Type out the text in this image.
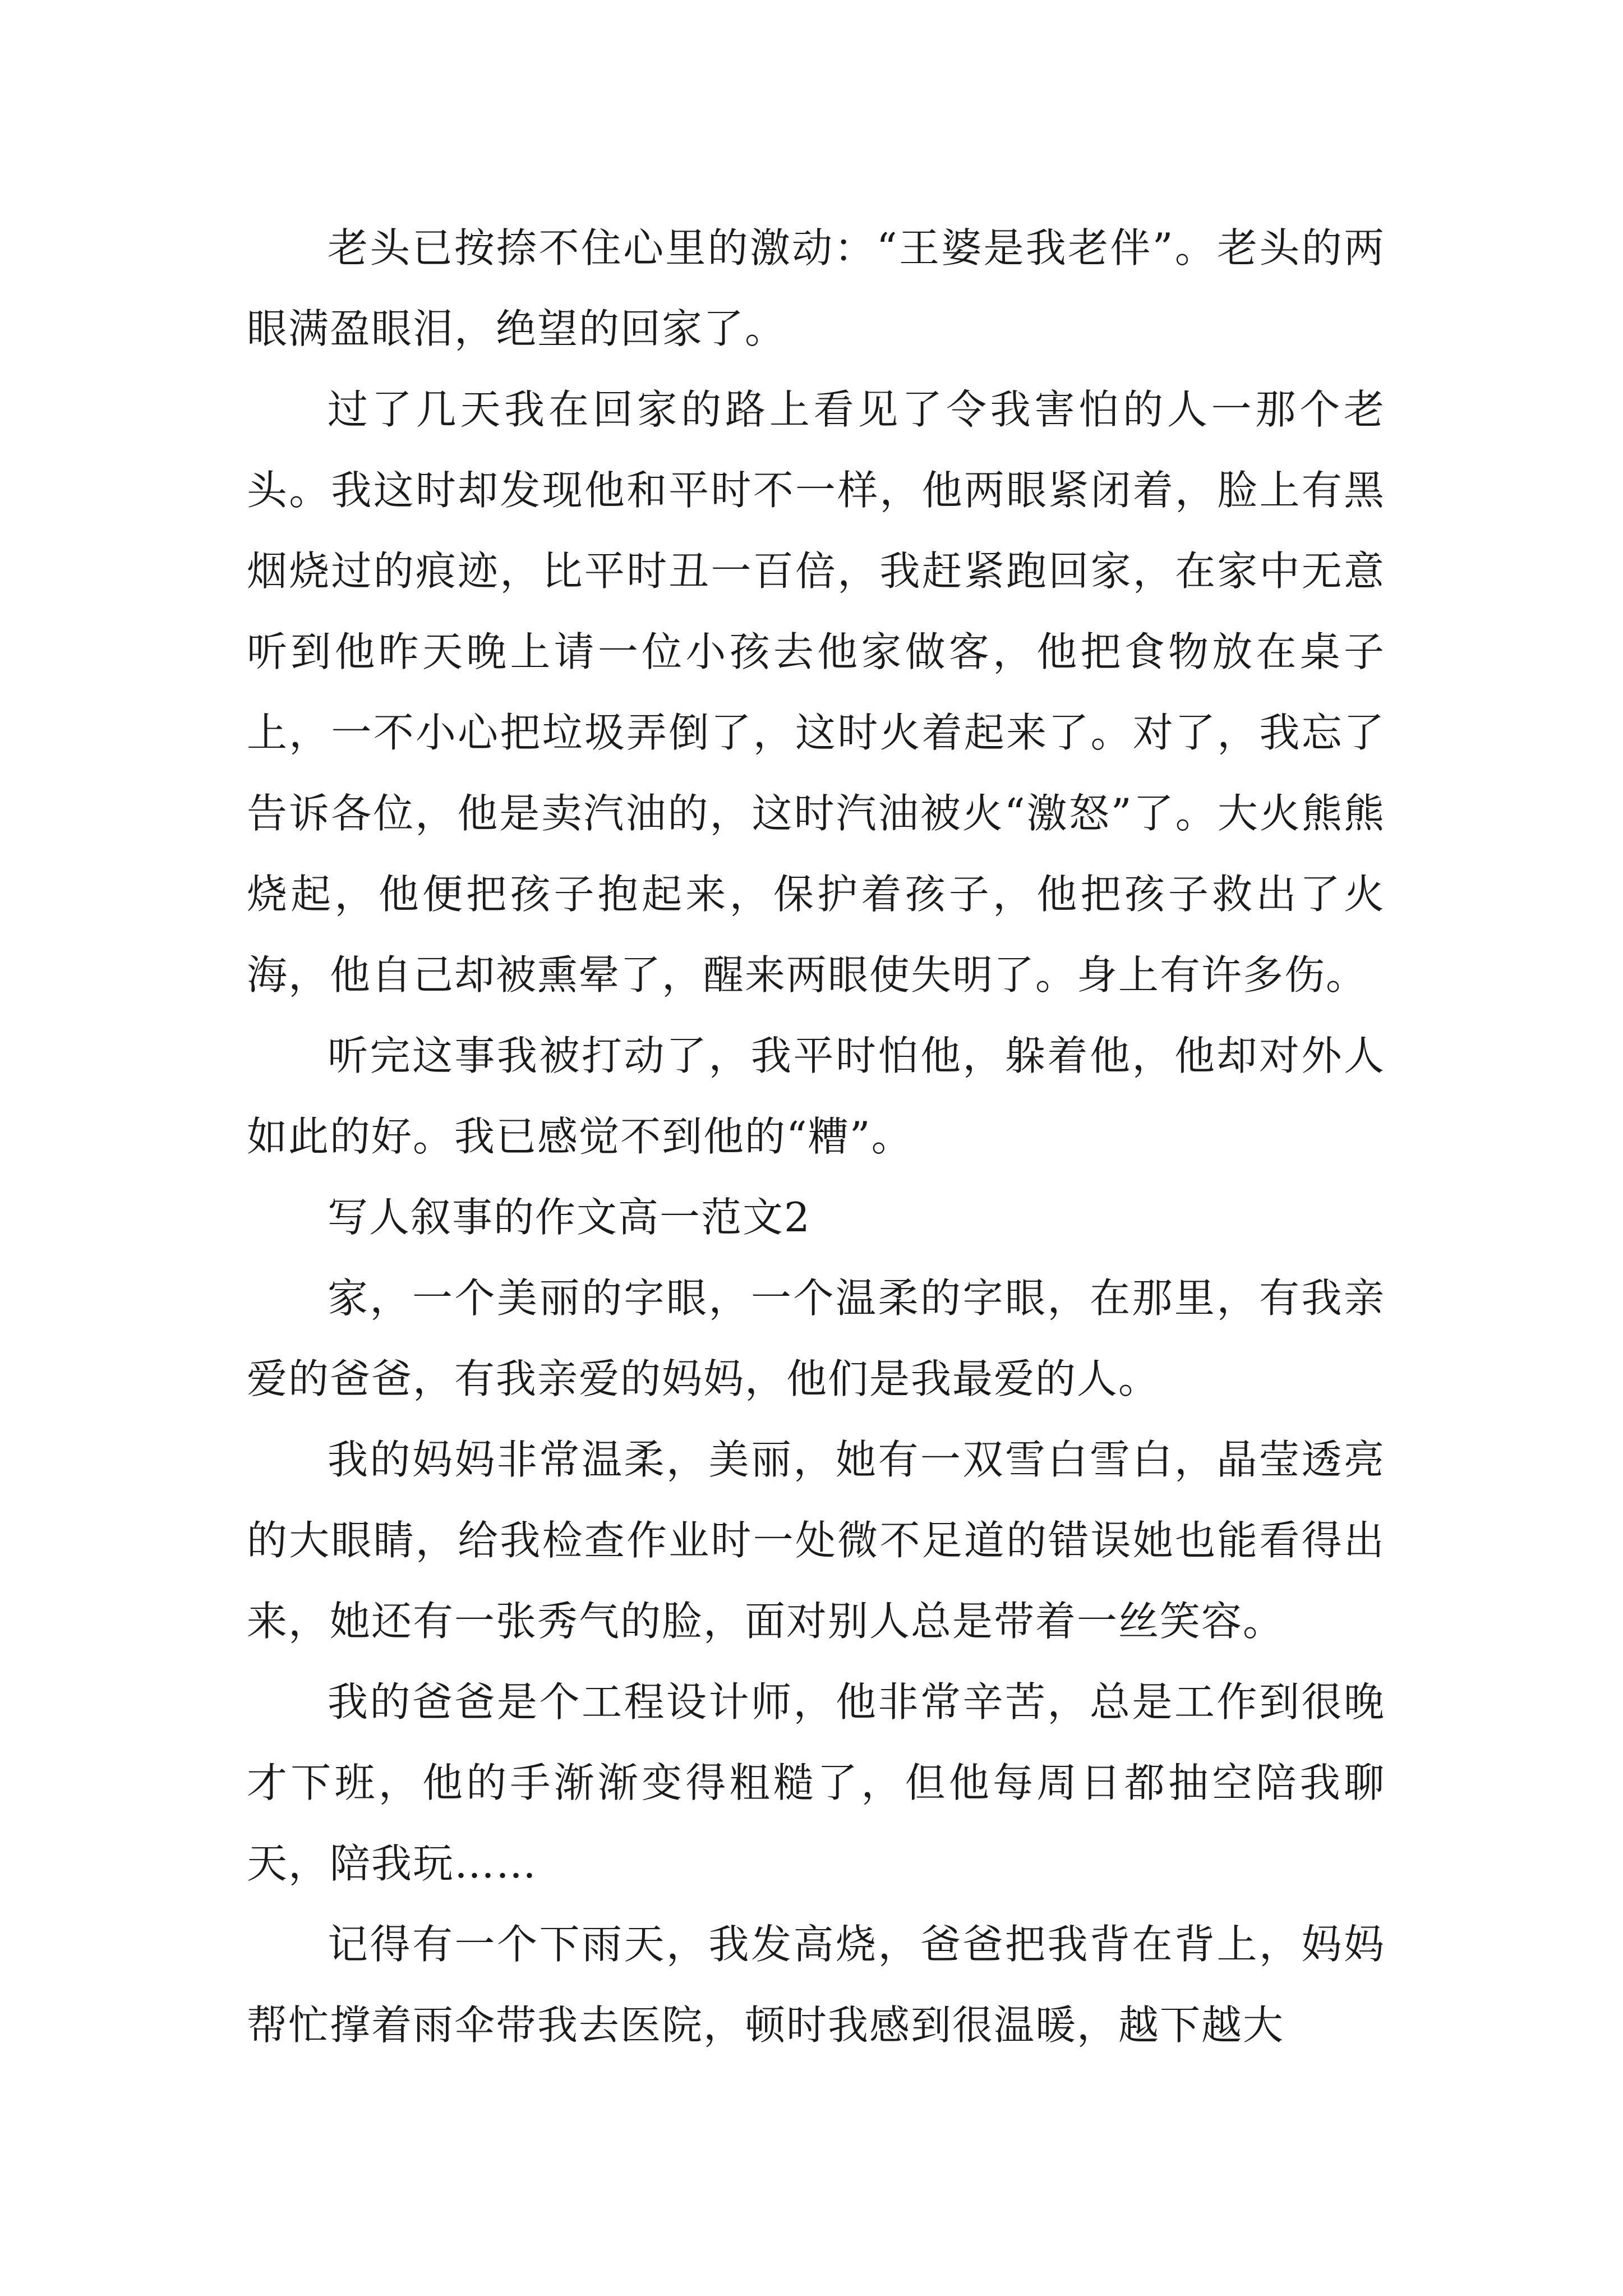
老头已按捺不住心里的激动：“王婆是我老伴”。老头的两眼满盈眼泪，绝望的回家了。

过了几天我在回家的路上看见了令我害怕的人一那个老头。我这时却发现他和平时不一样，他两眼紧闭着，脸上有黑烟烧过的痕迹，比平时丑一百倍，我赶紧跑回家，在家中无意听到他昨天晚上请一位小孩去他家做客，他把食物放在桌子上，一不小心把垃圾弄倒了，这时火着起来了。对了，我忘了告诉各位，他是卖汽油的，这时汽油被火“激怒”了。大火熊熊烧起，他便把孩子抱起来，保护着孩子，他把孩子救出了火海，他自己却被熏晕了，醒来两眼使失明了。身上有许多伤。

听完这事我被打动了，我平时怕他，躲着他，他却对外人如此的好。我已感觉不到他的“糟”。

写人叙事的作文高一范文2

家，一个美丽的字眼，一个温柔的字眼，在那里，有我亲爱的爸爸，有我亲爱的妈妈，他们是我最爱的人。

我的妈妈非常温柔，美丽，她有一双雪白雪白，晶莹透亮的大眼睛，给我检查作业时一处微不足道的错误她也能看得出来，她还有一张秀气的脸，面对别人总是带着一丝笑容。

我的爸爸是个工程设计师，他非常辛苦，总是工作到很晚才下班，他的手渐渐变得粗糙了，但他每周日都抽空陪我聊天，陪我玩……

记得有一个下雨天，我发高烧，爸爸把我背在背上，妈妈帮忙撑着雨伞带我去医院，顿时我感到很温暖，越下越大
